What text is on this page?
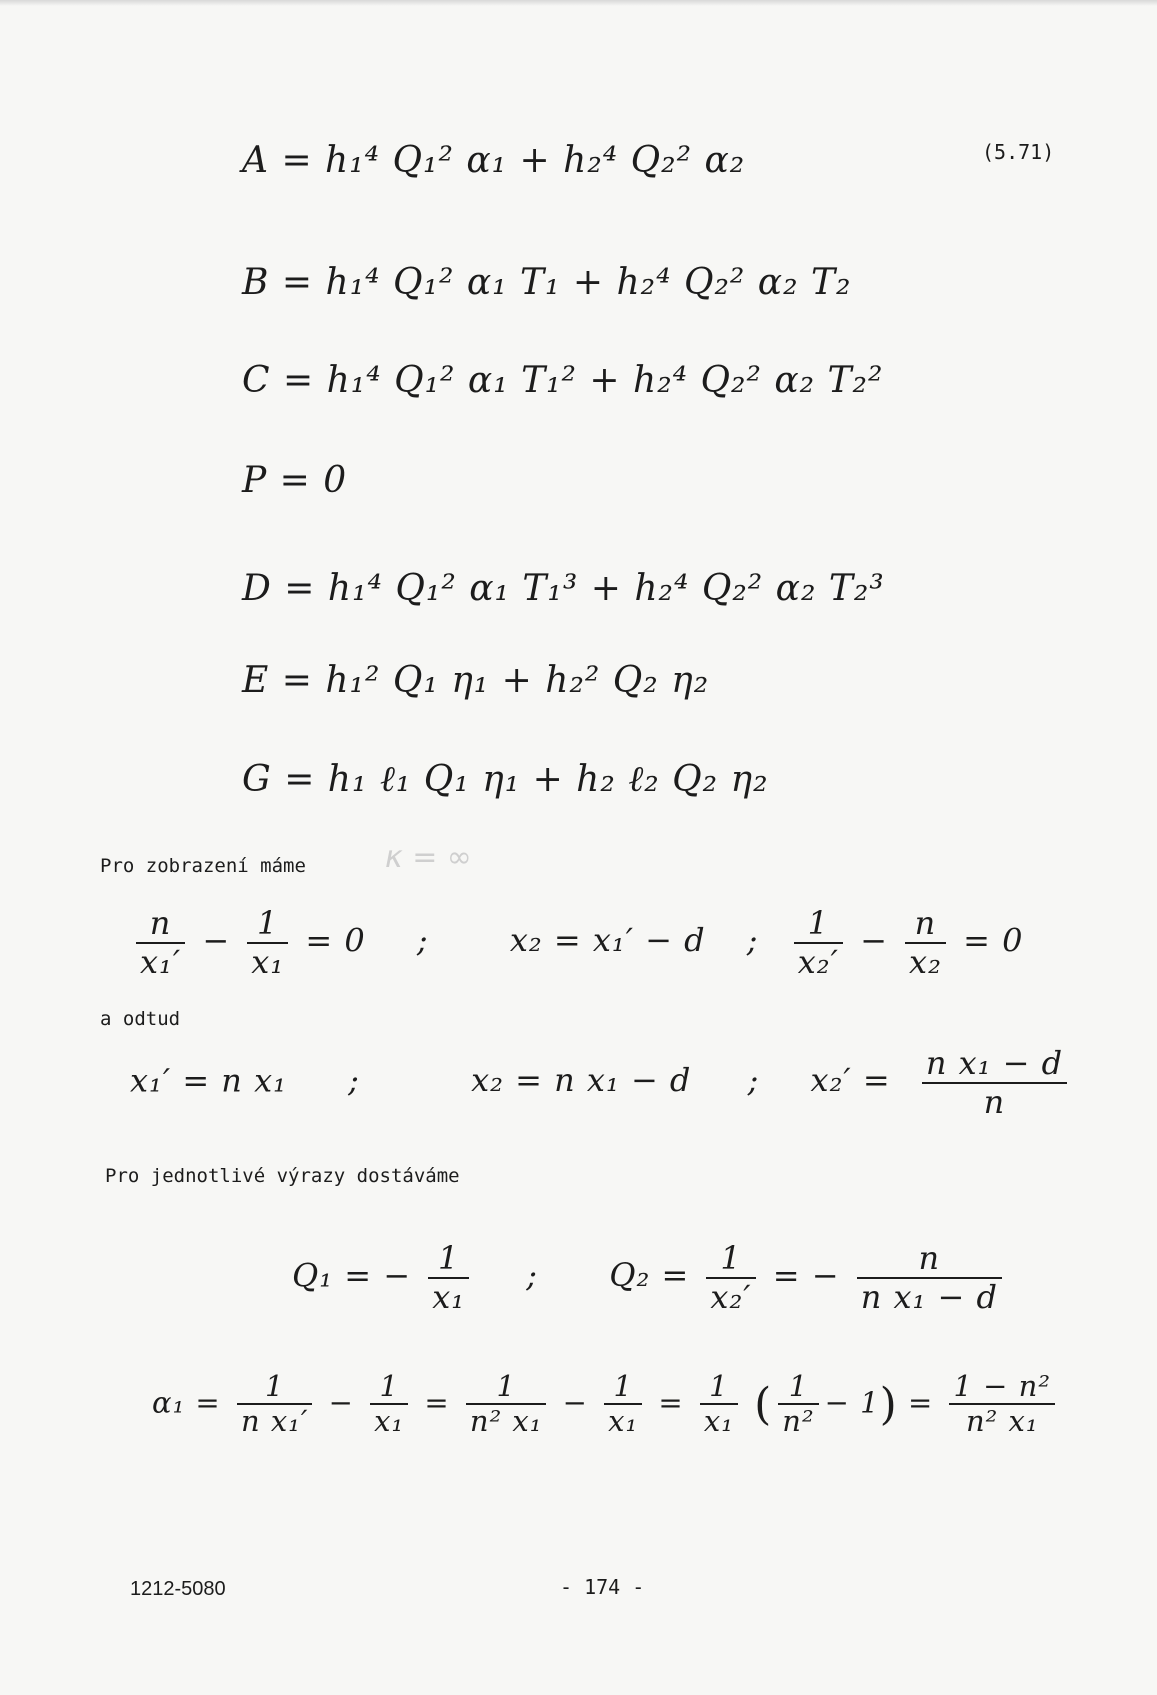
(5.71)
A = h₁⁴ Q₁² α₁ + h₂⁴ Q₂² α₂
B = h₁⁴ Q₁² α₁ T₁ + h₂⁴ Q₂² α₂ T₂
C = h₁⁴ Q₁² α₁ T₁² + h₂⁴ Q₂² α₂ T₂²
P = 0
D = h₁⁴ Q₁² α₁ T₁³ + h₂⁴ Q₂² α₂ T₂³
E = h₁² Q₁ η₁ + h₂² Q₂ η₂
G = h₁ ℓ₁ Q₁ η₁ + h₂ ℓ₂ Q₂ η₂
Pro zobrazení máme	κ = ∞
$\frac{n}{\text{x₁′}} - \frac{1}{\text{x₁}} = 0$ ;	x₂ = x₁′ − d ; $\frac{1}{\text{x₂′}} - \frac{n}{\text{x₂}} = 0$
a odtud
x₁′ = n x₁ ;	x₂ = n x₁ − d ; $x_2' = \frac{\text{n x₁ − d}}{n}$
Pro jednotlivé výrazy dostáváme
Q₁ = − $\frac{1}{\text{x₁}}$ ; $Q_2 = \frac{1}{\text{x₂′}}$ = − $\frac{n}{\text{n x₁ − d}}$
$\alpha_1 = \frac{1}{\text{n x₁′}} - \frac{1}{\text{x₁}} = \frac{1}{\text{n² x₁}} - \frac{1}{\text{x₁}} = \frac{1}{\text{x₁}}$ ( $\frac{1}{\text{n²}} - 1) = \frac{\text{1 − n²}}{\text{n² x₁}}$
1212-5080	- 174 -
